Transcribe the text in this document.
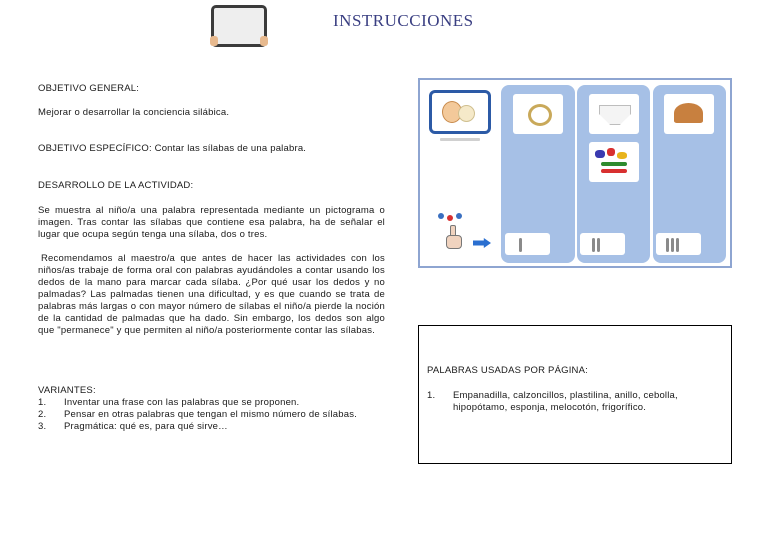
INSTRUCCIONES

OBJETIVO GENERAL:

Mejorar o desarrollar la conciencia silábica.

OBJETIVO ESPECÍFICO: Contar las sílabas de una palabra.

DESARROLLO DE LA ACTIVIDAD:

Se muestra al niño/a una palabra representada mediante un pictograma o imagen. Tras contar las sílabas que contiene esa palabra, ha de señalar el lugar que ocupa según tenga una sílaba, dos o tres.

Recomendamos al maestro/a que antes de hacer las actividades con los niños/as trabaje de forma oral con palabras ayudándoles a contar usando los dedos de la mano para marcar cada sílaba. ¿Por qué usar los dedos y no palmadas? Las palmadas tienen una dificultad, y es que cuando se trata de palabras más largas o con mayor número de sílabas el niño/a pierde la noción de la cantidad de palmadas que ha dado. Sin embargo, los dedos son algo que "permanece" y que permiten al niño/a posteriormente contar las sílabas.

VARIANTES:

1. Inventar una frase con las palabras que se proponen.
2. Pensar en otras palabras que tengan el mismo número de sílabas.
3. Pragmática: qué es, para qué sirve…

PALABRAS USADAS POR PÁGINA:

1. Empanadilla, calzoncillos, plastilina, anillo, cebolla, hipopótamo, esponja, melocotón, frigorífico.
